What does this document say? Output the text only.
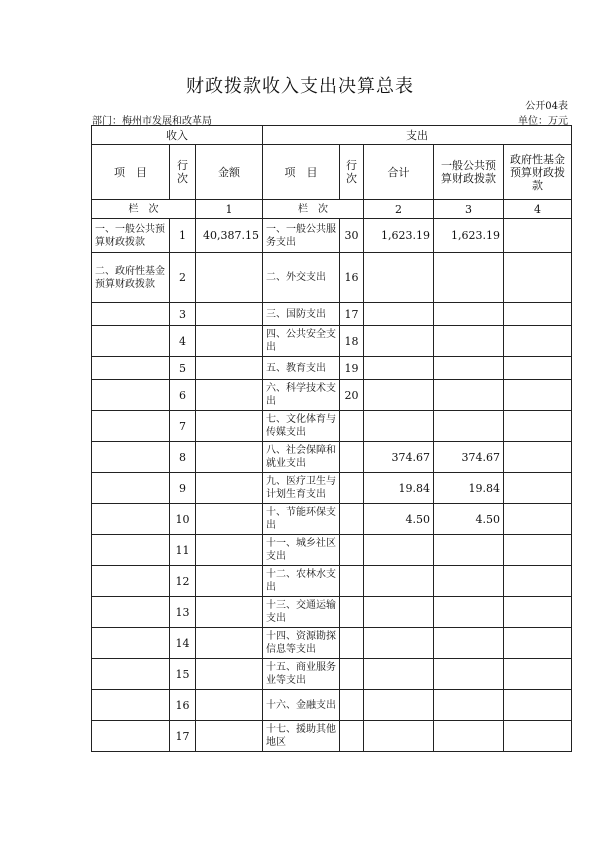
财政拨款收入支出决算总表
公开04表
部门：梅州市发展和改革局	单位：万元
收入			支出				
项　目	行次	金额	项　目	行次	合计	一般公共预算财政拨款	政府性基金预算财政拨款
栏　次		1	栏　次		2	3	4
一、一般公共预算财政拨款	1	40,387.15	一、一般公共服务支出	30	1,623.19	1,623.19	
二、政府性基金预算财政拨款	2		二、外交支出	16			
	3		三、国防支出	17			
	4		四、公共安全支出	18			
	5		五、教育支出	19			
	6		六、科学技术支出	20			
	7		七、文化体育与传媒支出				
	8		八、社会保障和就业支出		374.67	374.67	
	9		九、医疗卫生与计划生育支出		19.84	19.84	
	10		十、节能环保支出		4.50	4.50	
	11		十一、城乡社区支出				
	12		十二、农林水支出				
	13		十三、交通运输支出				
	14		十四、资源勘探信息等支出				
	15		十五、商业服务业等支出				
	16		十六、金融支出				
	17		十七、援助其他地区				
